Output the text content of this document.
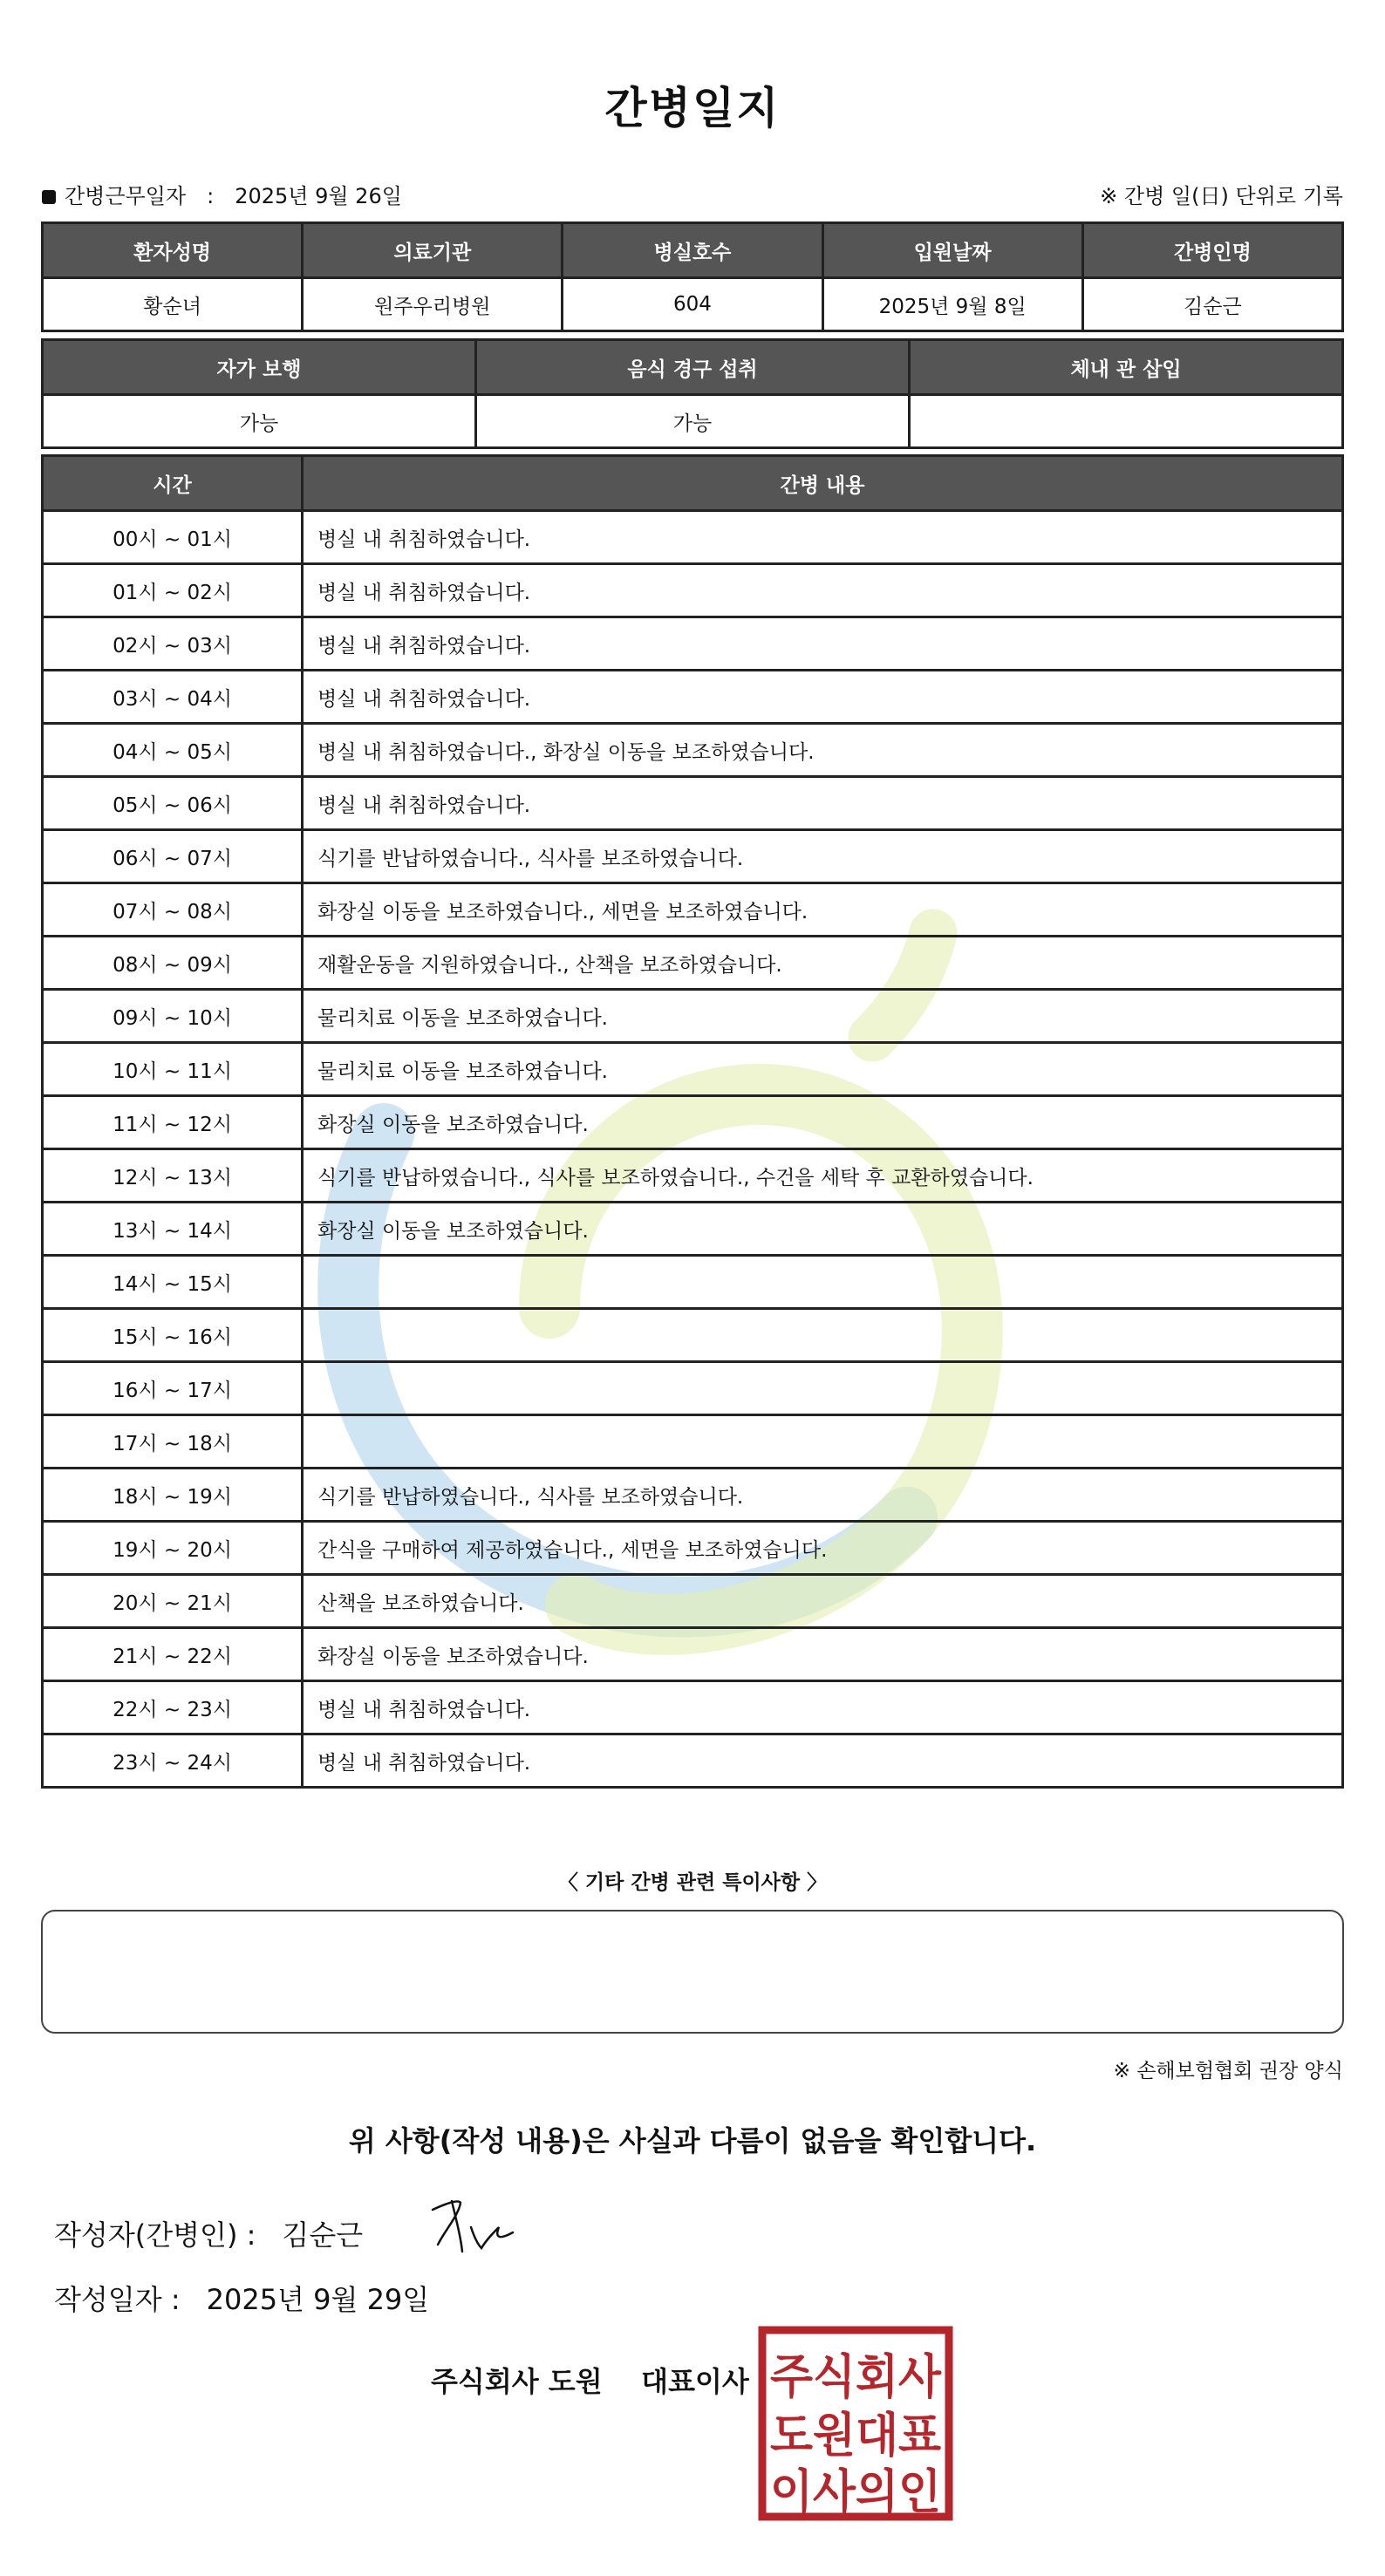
간병일지
간병근무일자 : 2025년 9월 26일	※ 간병 일(日) 단위로 기록
환자성명	의료기관	병실호수	입원날짜	간병인명
황순녀	원주우리병원	604	2025년 9월 8일	김순근
자가 보행	음식 경구 섭취	체내 관 삽입
가능	가능	
시간	간병 내용
00시 ~ 01시	병실 내 취침하였습니다.
01시 ~ 02시	병실 내 취침하였습니다.
02시 ~ 03시	병실 내 취침하였습니다.
03시 ~ 04시	병실 내 취침하였습니다.
04시 ~ 05시	병실 내 취침하였습니다., 화장실 이동을 보조하였습니다.
05시 ~ 06시	병실 내 취침하였습니다.
06시 ~ 07시	식기를 반납하였습니다., 식사를 보조하였습니다.
07시 ~ 08시	화장실 이동을 보조하였습니다., 세면을 보조하였습니다.
08시 ~ 09시	재활운동을 지원하였습니다., 산책을 보조하였습니다.
09시 ~ 10시	물리치료 이동을 보조하였습니다.
10시 ~ 11시	물리치료 이동을 보조하였습니다.
11시 ~ 12시	화장실 이동을 보조하였습니다.
12시 ~ 13시	식기를 반납하였습니다., 식사를 보조하였습니다., 수건을 세탁 후 교환하였습니다.
13시 ~ 14시	화장실 이동을 보조하였습니다.
14시 ~ 15시	
15시 ~ 16시	
16시 ~ 17시	
17시 ~ 18시	
18시 ~ 19시	식기를 반납하였습니다., 식사를 보조하였습니다.
19시 ~ 20시	간식을 구매하여 제공하였습니다., 세면을 보조하였습니다.
20시 ~ 21시	산책을 보조하였습니다.
21시 ~ 22시	화장실 이동을 보조하였습니다.
22시 ~ 23시	병실 내 취침하였습니다.
23시 ~ 24시	병실 내 취침하였습니다.
〈 기타 간병 관련 특이사항 〉
※ 손해보험협회 권장 양식
위 사항(작성 내용)은 사실과 다름이 없음을 확인합니다.
작성자(간병인) : 김순근
작성일자 : 2025년 9월 29일
주식회사 도원    대표이사 주식회사
도원대표
이사의인
